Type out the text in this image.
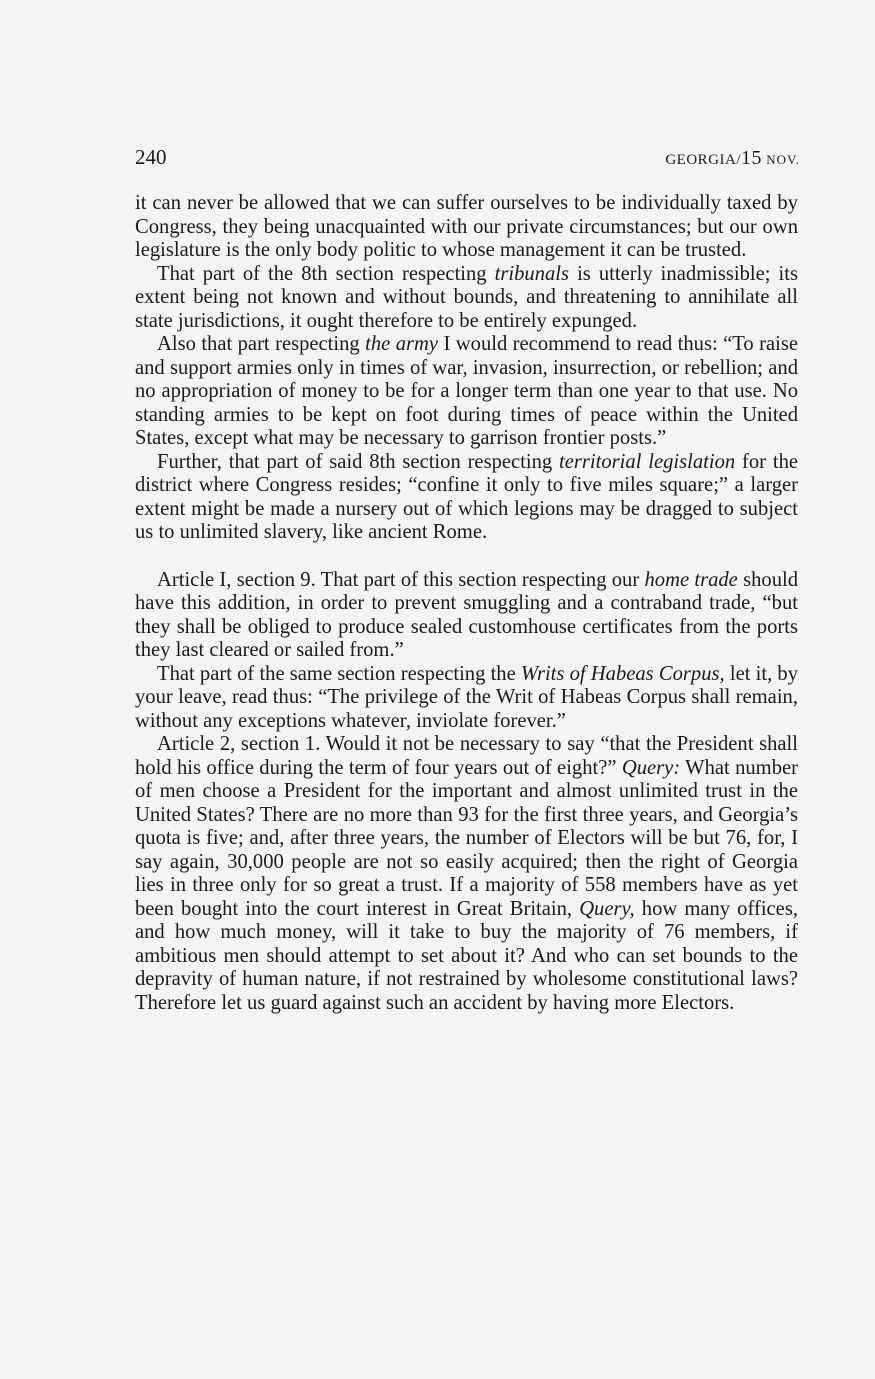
240	GEORGIA/15 NOV.

it can never be allowed that we can suffer ourselves to be individually taxed by Congress, they being unacquainted with our private circumstances; but our own legislature is the only body politic to whose management it can be trusted.

That part of the 8th section respecting tribunals is utterly inadmissible; its extent being not known and without bounds, and threatening to annihilate all state jurisdictions, it ought therefore to be entirely expunged.

Also that part respecting the army I would recommend to read thus: “To raise and support armies only in times of war, invasion, insurrection, or rebellion; and no appropriation of money to be for a longer term than one year to that use. No standing armies to be kept on foot during times of peace within the United States, except what may be necessary to garrison frontier posts.”

Further, that part of said 8th section respecting territorial legislation for the district where Congress resides; “confine it only to five miles square;” a larger extent might be made a nursery out of which legions may be dragged to subject us to unlimited slavery, like ancient Rome.

Article I, section 9. That part of this section respecting our home trade should have this addition, in order to prevent smuggling and a contraband trade, “but they shall be obliged to produce sealed customhouse certificates from the ports they last cleared or sailed from.”

That part of the same section respecting the Writs of Habeas Corpus, let it, by your leave, read thus: “The privilege of the Writ of Habeas Corpus shall remain, without any exceptions whatever, inviolate forever.”

Article 2, section 1. Would it not be necessary to say “that the President shall hold his office during the term of four years out of eight?” Query: What number of men choose a President for the important and almost unlimited trust in the United States? There are no more than 93 for the first three years, and Georgia’s quota is five; and, after three years, the number of Electors will be but 76, for, I say again, 30,000 people are not so easily acquired; then the right of Georgia lies in three only for so great a trust. If a majority of 558 members have as yet been bought into the court interest in Great Britain, Query, how many offices, and how much money, will it take to buy the majority of 76 members, if ambitious men should attempt to set about it? And who can set bounds to the depravity of human nature, if not restrained by wholesome constitutional laws? Therefore let us guard against such an accident by having more Electors.
